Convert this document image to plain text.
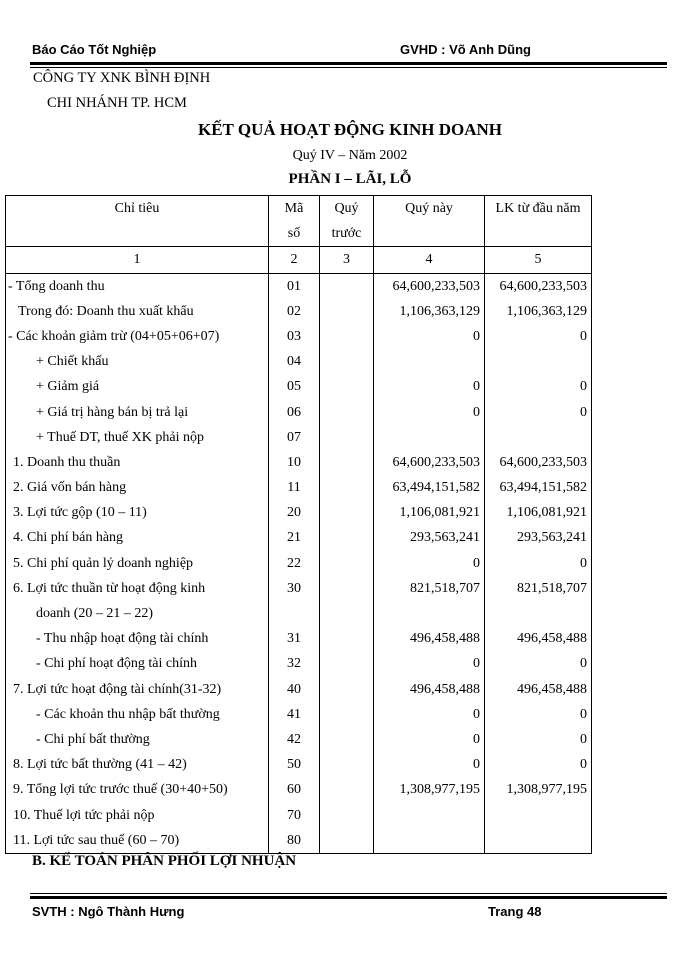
Báo Cáo Tốt Nghiệp	GVHD : Võ Anh Dũng
CÔNG TY XNK BÌNH ĐỊNH
CHI NHÁNH TP. HCM
KẾT QUẢ HOẠT ĐỘNG KINH DOANH
Quý IV – Năm 2002
PHẦN I – LÃI, LỖ
Chỉ tiêu	Mã	Quý	Quý này	LK từ đầu năm
	số	trước		
1	2	3	4	5
- Tổng doanh thu	01		64,600,233,503	64,600,233,503
Trong đó: Doanh thu xuất khẩu	02		1,106,363,129	1,106,363,129
- Các khoản giảm trừ (04+05+06+07)	03		0	0
+ Chiết khấu	04			
+ Giảm giá	05		0	0
+ Giá trị hàng bán bị trả lại	06		0	0
+ Thuế DT, thuế XK phải nộp	07			
1. Doanh thu thuần	10		64,600,233,503	64,600,233,503
2. Giá vốn bán hàng	11		63,494,151,582	63,494,151,582
3. Lợi tức gộp (10 – 11)	20		1,106,081,921	1,106,081,921
4. Chi phí bán hàng	21		293,563,241	293,563,241
5. Chi phí quản lý doanh nghiệp	22		0	0
6. Lợi tức thuần từ hoạt động kinh	30		821,518,707	821,518,707
doanh (20 – 21 – 22)				
- Thu nhập hoạt động tài chính	31		496,458,488	496,458,488
- Chi phí hoạt động tài chính	32		0	0
7. Lợi tức hoạt động tài chính(31-32)	40		496,458,488	496,458,488
- Các khoản thu nhập bất thường	41		0	0
- Chi phí bất thường	42		0	0
8. Lợi tức bất thường (41 – 42)	50		0	0
9. Tổng lợi tức trước thuế (30+40+50)	60		1,308,977,195	1,308,977,195
10. Thuế lợi tức phải nộp	70			
11. Lợi tức sau thuế (60 – 70)	80			
B. KẾ TOÁN PHÂN PHỐI LỢI NHUẬN
SVTH : Ngô Thành Hưng	Trang 48
